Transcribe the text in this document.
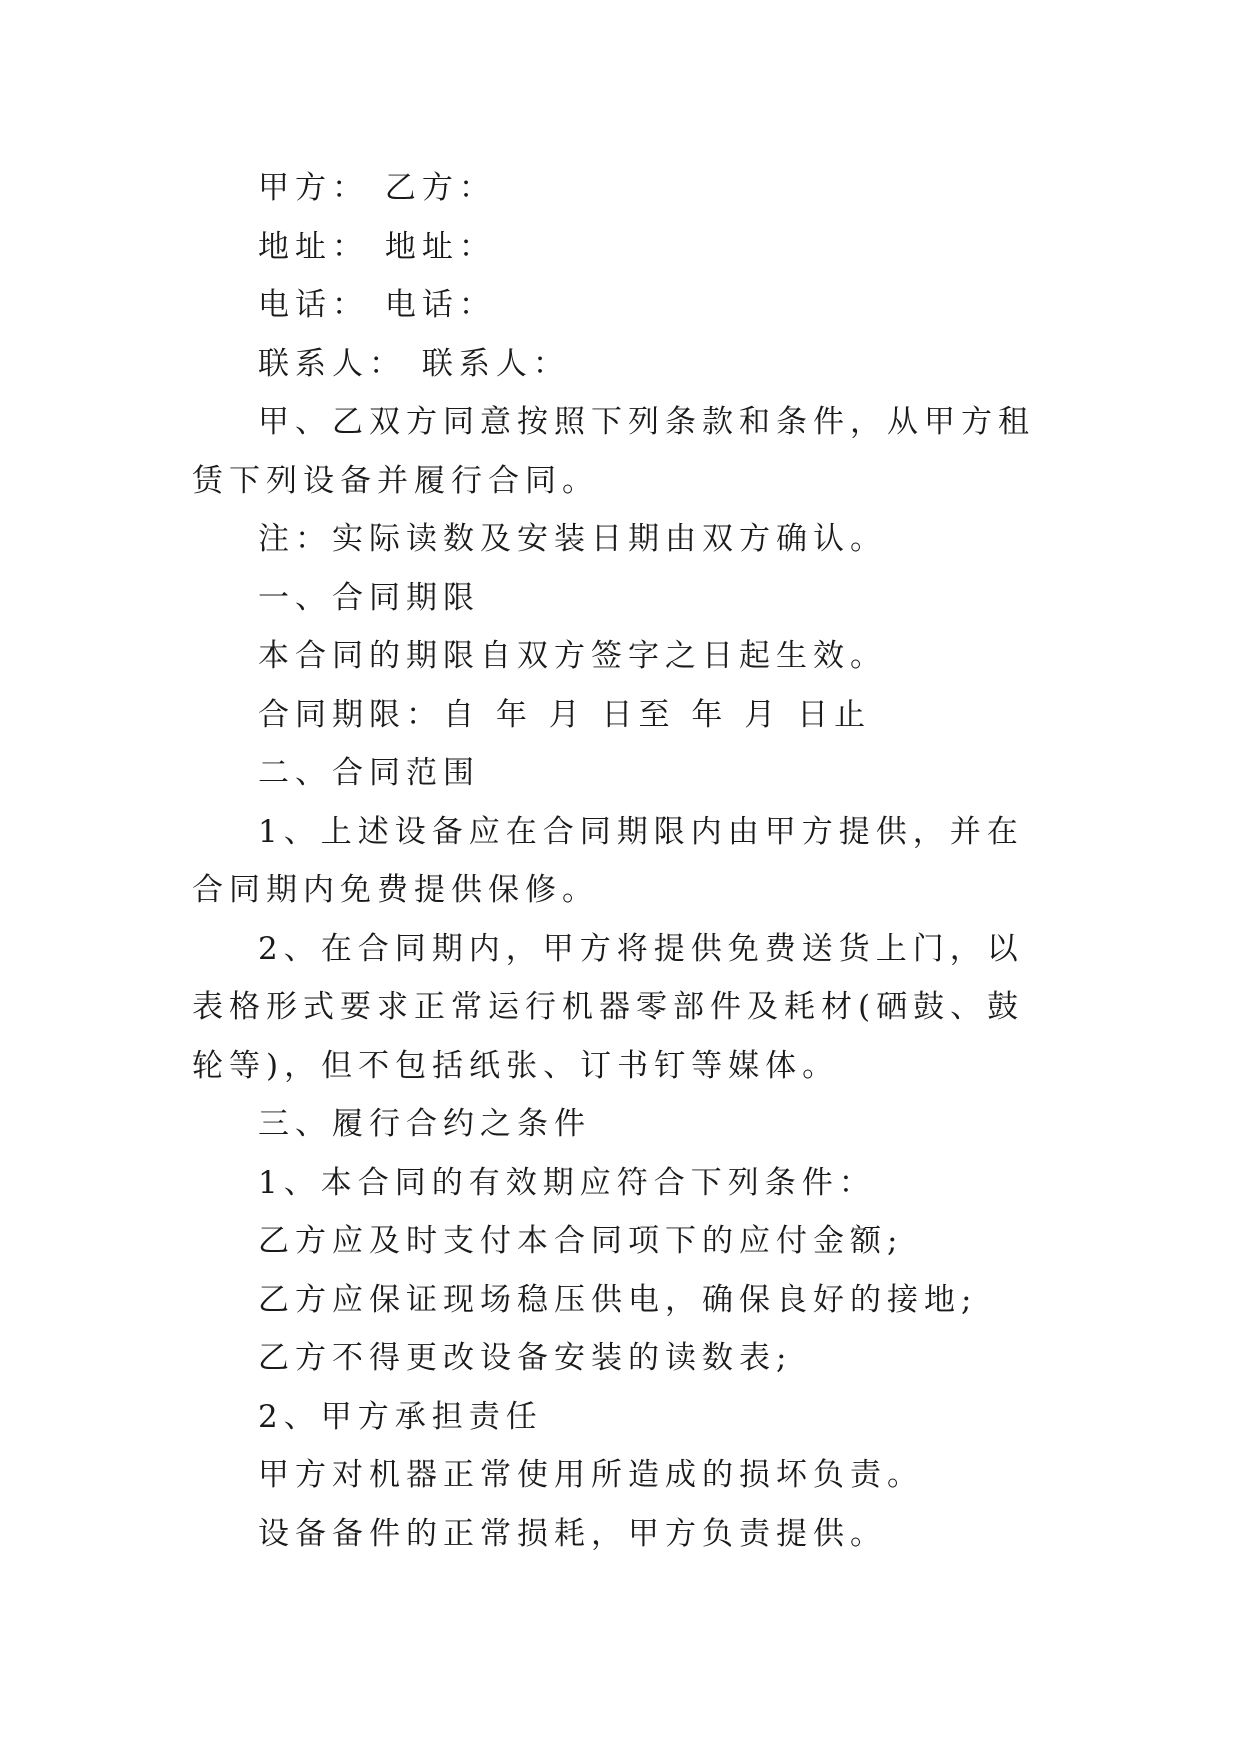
甲方： 乙方：

地址： 地址：

电话： 电话：

联系人： 联系人：

甲、乙双方同意按照下列条款和条件，从甲方租赁下列设备并履行合同。

注：实际读数及安装日期由双方确认。

一、合同期限

本合同的期限自双方签字之日起生效。

合同期限：自 年 月 日至 年 月 日止

二、合同范围

1、上述设备应在合同期限内由甲方提供，并在合同期内免费提供保修。

2、在合同期内，甲方将提供免费送货上门，以表格形式要求正常运行机器零部件及耗材(硒鼓、鼓轮等)，但不包括纸张、订书钉等媒体。

三、履行合约之条件

1、本合同的有效期应符合下列条件：

乙方应及时支付本合同项下的应付金额;

乙方应保证现场稳压供电，确保良好的接地;

乙方不得更改设备安装的读数表;

2、甲方承担责任

甲方对机器正常使用所造成的损坏负责。

设备备件的正常损耗，甲方负责提供。
